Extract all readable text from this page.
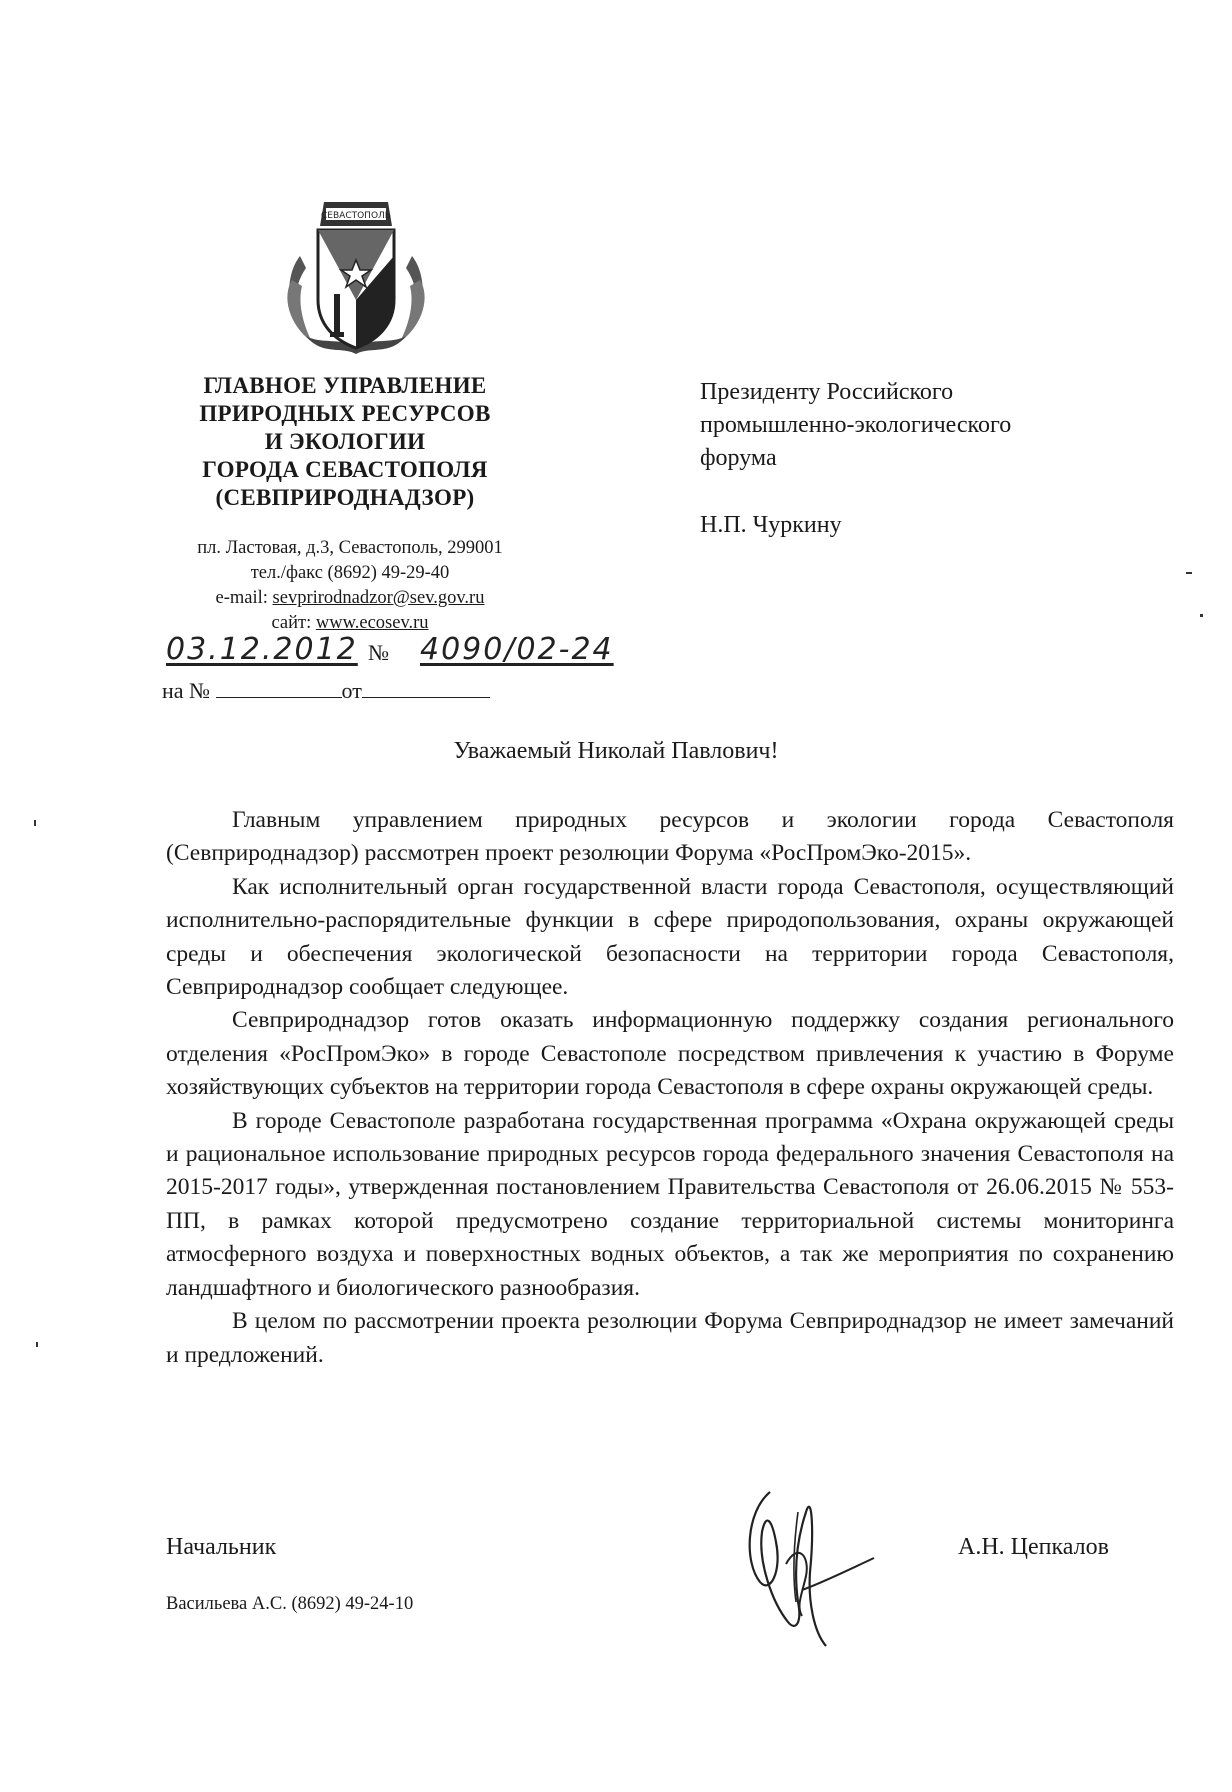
СЕВАСТОПОЛЬ
ГЛАВНОЕ УПРАВЛЕНИЕ
ПРИРОДНЫХ РЕСУРСОВ
И ЭКОЛОГИИ
ГОРОДА СЕВАСТОПОЛЯ
(СЕВПРИРОДНАДЗОР)
пл. Ластовая, д.3, Севастополь, 299001
тел./факс (8692) 49-29-40
e-mail: sevprirodnadzor@sev.gov.ru
сайт: www.ecosev.ru
03.12.2012 № 4090/02-24
на №	от
Президенту Российского
промышленно-экологического
форума
Н.П. Чуркину
Уважаемый Николай Павлович!

Главным управлением природных ресурсов и экологии города Севастополя (Севприроднадзор) рассмотрен проект резолюции Форума «РосПромЭко-2015».

Как исполнительный орган государственной власти города Севастополя, осуществляющий исполнительно-распорядительные функции в сфере природопользования, охраны окружающей среды и обеспечения экологической безопасности на территории города Севастополя, Севприроднадзор сообщает следующее.

Севприроднадзор готов оказать информационную поддержку создания регионального отделения «РосПромЭко» в городе Севастополе посредством привлечения к участию в Форуме хозяйствующих субъектов на территории города Севастополя в сфере охраны окружающей среды.

В городе Севастополе разработана государственная программа «Охрана окружающей среды и рациональное использование природных ресурсов города федерального значения Севастополя на 2015-2017 годы», утвержденная постановлением Правительства Севастополя от 26.06.2015 № 553-ПП, в рамках которой предусмотрено создание территориальной системы мониторинга атмосферного воздуха и поверхностных водных объектов, а так же мероприятия по сохранению ландшафтного и биологического разнообразия.

В целом по рассмотрении проекта резолюции Форума Севприроднадзор не имеет замечаний и предложений.

Начальник	А.Н. Цепкалов
Васильева А.С. (8692) 49-24-10
